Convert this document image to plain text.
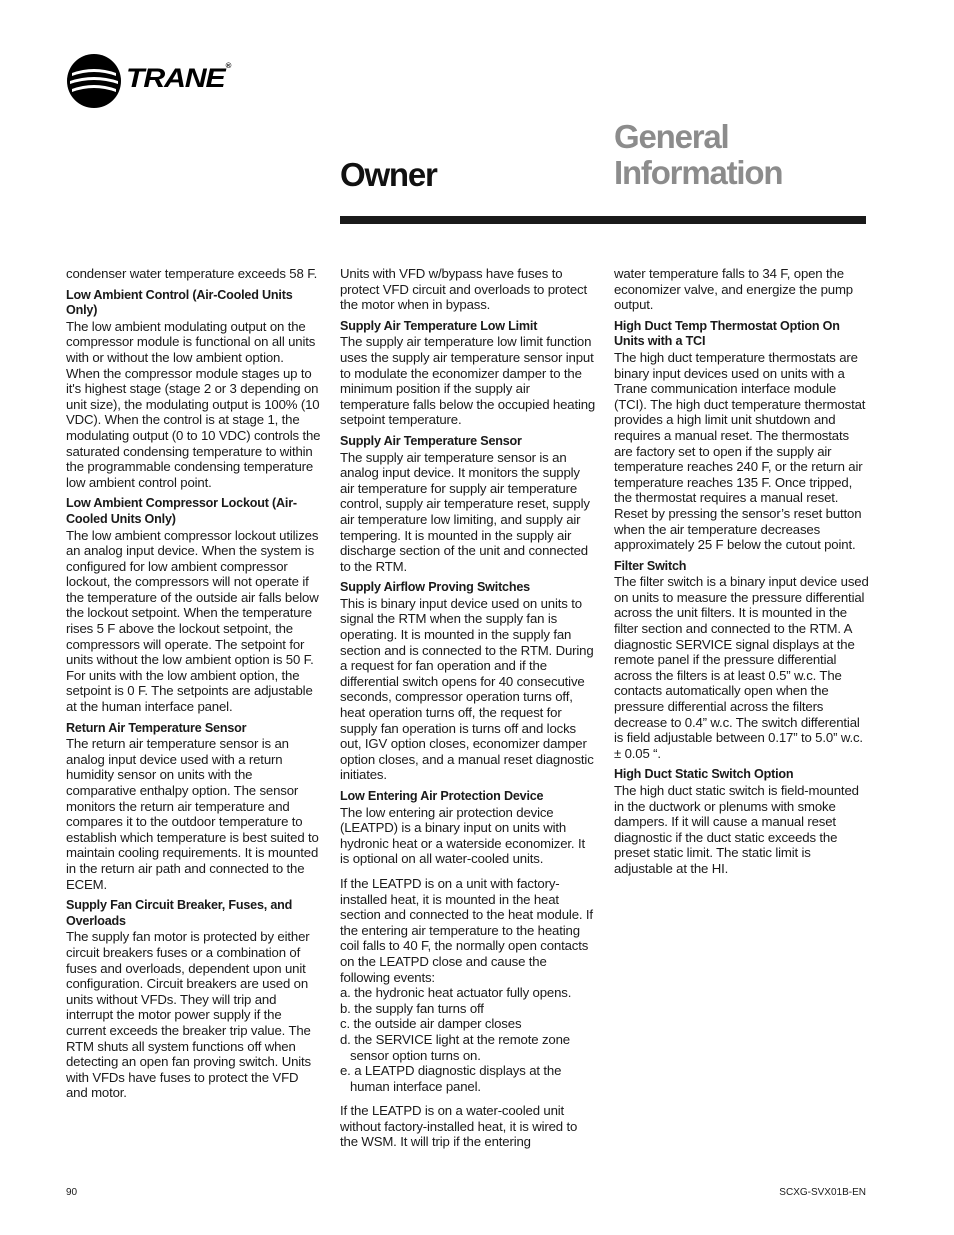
TRANE®
Owner
General
Information

condenser water temperature exceeds 58 F.

Low Ambient Control (Air-Cooled Units Only)

The low ambient modulating output on the compressor module is functional on all units with or without the low ambient option. When the compressor module stages up to it's highest stage (stage 2 or 3 depending on unit size), the modulating output is 100% (10 VDC). When the control is at stage 1, the modulating output (0 to 10 VDC) controls the saturated condensing temperature to within the programmable condensing temperature low ambient control point.

Low Ambient Compressor Lockout (Air-Cooled Units Only)

The low ambient compressor lockout utilizes an analog input device. When the system is configured for low ambient compressor lockout, the compressors will not operate if the temperature of the outside air falls below the lockout setpoint. When the temperature rises 5 F above the lockout setpoint, the compressors will operate. The setpoint for units without the low ambient option is 50 F. For units with the low ambient option, the setpoint is 0 F. The setpoints are adjustable at the human interface panel.

Return Air Temperature Sensor

The return air temperature sensor is an analog input device used with a return humidity sensor on units with the comparative enthalpy option. The sensor monitors the return air temperature and compares it to the outdoor temperature to establish which temperature is best suited to maintain cooling requirements. It is mounted in the return air path and connected to the ECEM.

Supply Fan Circuit Breaker, Fuses, and Overloads

The supply fan motor is protected by either circuit breakers fuses or a combination of fuses and overloads, dependent upon unit configuration. Circuit breakers are used on units without VFDs. They will trip and interrupt the motor power supply if the current exceeds the breaker trip value. The RTM shuts all system functions off when detecting an open fan proving switch. Units with VFDs have fuses to protect the VFD and motor.

Units with VFD w/bypass have fuses to protect VFD circuit and overloads to protect the motor when in bypass.

Supply Air Temperature Low Limit

The supply air temperature low limit function uses the supply air temperature sensor input to modulate the economizer damper to the minimum position if the supply air temperature falls below the occupied heating setpoint temperature.

Supply Air Temperature Sensor

The supply air temperature sensor is an analog input device. It monitors the supply air temperature for supply air temperature control, supply air temperature reset, supply air temperature low limiting, and supply air tempering. It is mounted in the supply air discharge section of the unit and connected to the RTM.

Supply Airflow Proving Switches

This is binary input device used on units to signal the RTM when the supply fan is operating. It is mounted in the supply fan section and is connected to the RTM. During a request for fan operation and if the differential switch opens for 40 consecutive seconds, compressor operation turns off, heat operation turns off, the request for supply fan operation is turns off and locks out, IGV option closes, economizer damper option closes, and a manual reset diagnostic initiates.

Low Entering Air Protection Device

The low entering air protection device (LEATPD) is a binary input on units with hydronic heat or a waterside economizer. It is optional on all water-cooled units.

If the LEATPD is on a unit with factory-installed heat, it is mounted in the heat section and connected to the heat module. If the entering air temperature to the heating coil falls to 40 F, the normally open contacts on the LEATPD close and cause the following events:

a. the hydronic heat actuator fully opens.
b. the supply fan turns off
c. the outside air damper closes
d. the SERVICE light at the remote zone sensor option turns on.
e. a LEATPD diagnostic displays at the human interface panel.

If the LEATPD is on a water-cooled unit without factory-installed heat, it is wired to the WSM. It will trip if the entering

water temperature falls to 34 F, open the economizer valve, and energize the pump output.

High Duct Temp Thermostat Option On Units with a TCI

The high duct temperature thermostats are binary input devices used on units with a Trane communication interface module (TCI). The high duct temperature thermostat provides a high limit unit shutdown and requires a manual reset. The thermostats are factory set to open if the supply air temperature reaches 240 F, or the return air temperature reaches 135 F. Once tripped, the thermostat requires a manual reset. Reset by pressing the sensor’s reset button when the air temperature decreases approximately 25 F below the cutout point.

Filter Switch

The filter switch is a binary input device used on units to measure the pressure differential across the unit filters. It is mounted in the filter section and connected to the RTM. A diagnostic SERVICE signal displays at the remote panel if the pressure differential across the filters is at least 0.5” w.c. The contacts automatically open when the pressure differential across the filters decrease to 0.4” w.c. The switch differential is field adjustable between 0.17” to 5.0” w.c. ± 0.05 “.

High Duct Static Switch Option

The high duct static switch is field-mounted in the ductwork or plenums with smoke dampers. If it will cause a manual reset diagnostic if the duct static exceeds the preset static limit. The static limit is adjustable at the HI.

90	SCXG-SVX01B-EN
